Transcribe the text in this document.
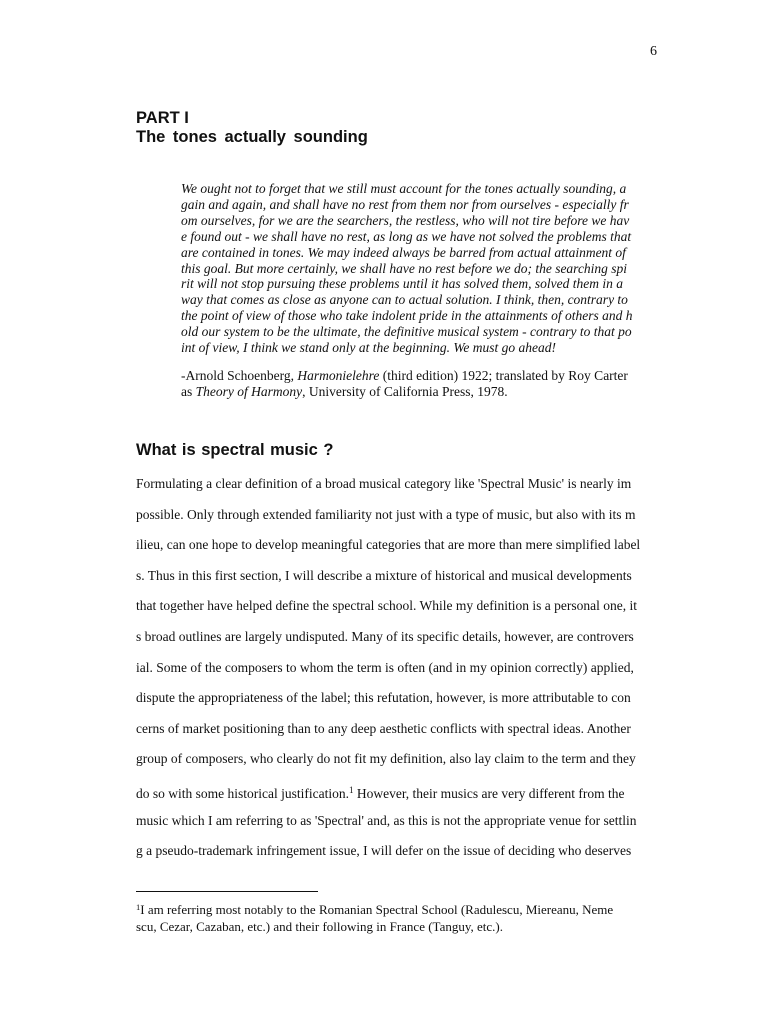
6
PART I
The tones actually sounding
We ought not to forget that we still must account for the tones actually sounding, a
gain and again, and shall have no rest from them nor from ourselves - especially fr
om ourselves, for we are the searchers, the restless, who will not tire before we hav
e found out - we shall have no rest, as long as we have not solved the problems that
are contained in tones. We may indeed always be barred from actual attainment of
this goal. But more certainly, we shall have no rest before we do; the searching spi
rit will not stop pursuing these problems until it has solved them, solved them in a
way that comes as close as anyone can to actual solution. I think, then, contrary to
the point of view of those who take indolent pride in the attainments of others and h
old our system to be the ultimate, the definitive musical system - contrary to that po
int of view, I think we stand only at the beginning. We must go ahead!
-Arnold Schoenberg, Harmonielehre (third edition) 1922; translated by Roy Carter
as Theory of Harmony, University of California Press, 1978.
What is spectral music ?
Formulating a clear definition of a broad musical category like 'Spectral Music' is nearly im
possible. Only through extended familiarity not just with a type of music, but also with its m
ilieu, can one hope to develop meaningful categories that are more than mere simplified label
s. Thus in this first section, I will describe a mixture of historical and musical developments
that together have helped define the spectral school. While my definition is a personal one, it
s broad outlines are largely undisputed. Many of its specific details, however, are controvers
ial. Some of the composers to whom the term is often (and in my opinion correctly) applied,
dispute the appropriateness of the label; this refutation, however, is more attributable to con
cerns of market positioning than to any deep aesthetic conflicts with spectral ideas. Another
group of composers, who clearly do not fit my definition, also lay claim to the term and they
do so with some historical justification.$^1$ However, their musics are very different from the
music which I am referring to as 'Spectral' and, as this is not the appropriate venue for settlin
g a pseudo-trademark infringement issue, I will defer on the issue of deciding who deserves
$^1$I am referring most notably to the Romanian Spectral School (Radulescu, Miereanu, Neme
scu, Cezar, Cazaban, etc.) and their following in France (Tanguy, etc.).
